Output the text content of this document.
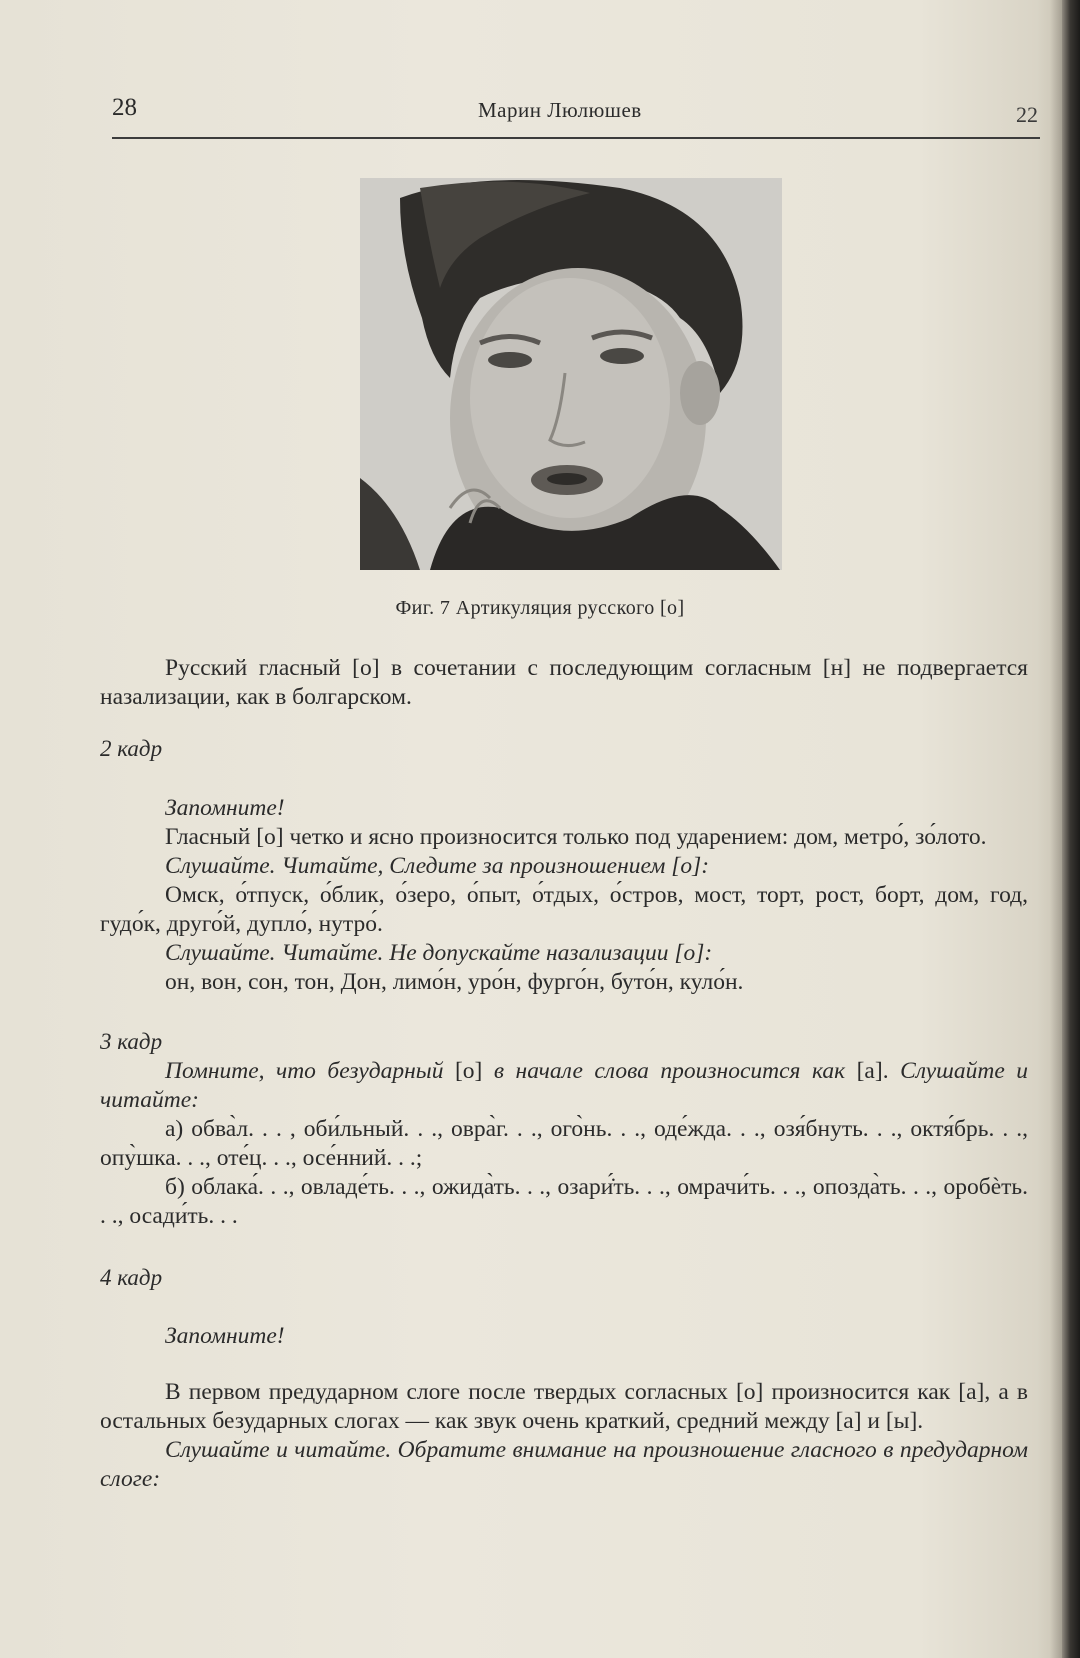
28	Марин Люлюшев	22
Фиг. 7 Артикуляция русского [о]

Русский гласный [о] в сочетании с последующим согласным [н] не подвергается назализации, как в болгарском.

2 кадр

Запомните!

Гласный [о] четко и ясно произносится только под ударением: дом, метро́, зо́лото.

Слушайте. Читайте, Следите за произношением [о]:

Омск, о́тпуск, о́блик, о́зеро, о́пыт, о́тдых, о́стров, мост, торт, рост, борт, дом, год, гудо́к, друго́й, дупло́, нутро́.

Слушайте. Читайте. Не допускайте назализации [о]:

он, вон, сон, тон, Дон, лимо́н, уро́н, фурго́н, буто́н, куло́н.

3 кадр

Помните, что безударный [о] в начале слова произносится как [а]. Слушайте и читайте:

а) обва̀л. . . , оби́льный. . ., овра̀г. . ., ого̀нь. . ., оде́жда. . ., озя́бнуть. . ., октя́брь. . ., опу̀шка. . ., оте́ц. . ., осе́нний. . .;

б) облака́. . ., овладе́ть. . ., ожида̀ть. . ., озари̇́ть. . ., омрачи́ть. . ., опозда̀ть. . ., оробѐть. . ., осади́ть. . .

4 кадр

Запомните!

В первом предударном слоге после твердых согласных [о] произносится как [а], а в остальных безударных слогах — как звук очень краткий, средний между [а] и [ы].

Слушайте и читайте. Обратите внимание на произношение гласного в предударном слоге:
